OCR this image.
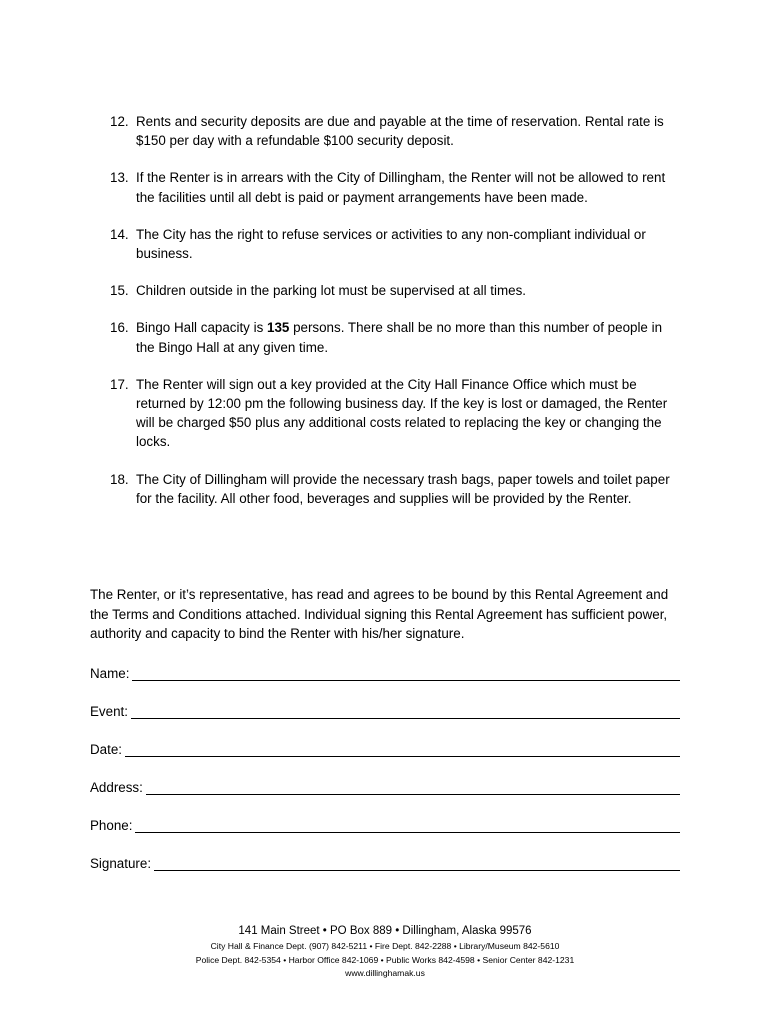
12. Rents and security deposits are due and payable at the time of reservation. Rental rate is $150 per day with a refundable $100 security deposit.
13. If the Renter is in arrears with the City of Dillingham, the Renter will not be allowed to rent the facilities until all debt is paid or payment arrangements have been made.
14. The City has the right to refuse services or activities to any non-compliant individual or business.
15. Children outside in the parking lot must be supervised at all times.
16. Bingo Hall capacity is 135 persons. There shall be no more than this number of people in the Bingo Hall at any given time.
17. The Renter will sign out a key provided at the City Hall Finance Office which must be returned by 12:00 pm the following business day. If the key is lost or damaged, the Renter will be charged $50 plus any additional costs related to replacing the key or changing the locks.
18. The City of Dillingham will provide the necessary trash bags, paper towels and toilet paper for the facility. All other food, beverages and supplies will be provided by the Renter.

The Renter, or it’s representative, has read and agrees to be bound by this Rental Agreement and the Terms and Conditions attached. Individual signing this Rental Agreement has sufficient power, authority and capacity to bind the Renter with his/her signature.

Name:
Event:
Date:
Address:
Phone:
Signature:
141 Main Street • PO Box 889 • Dillingham, Alaska 99576
City Hall & Finance Dept. (907) 842-5211 • Fire Dept. 842-2288 • Library/Museum 842-5610
Police Dept. 842-5354 • Harbor Office 842-1069 • Public Works 842-4598 • Senior Center 842-1231
www.dillinghamak.us
